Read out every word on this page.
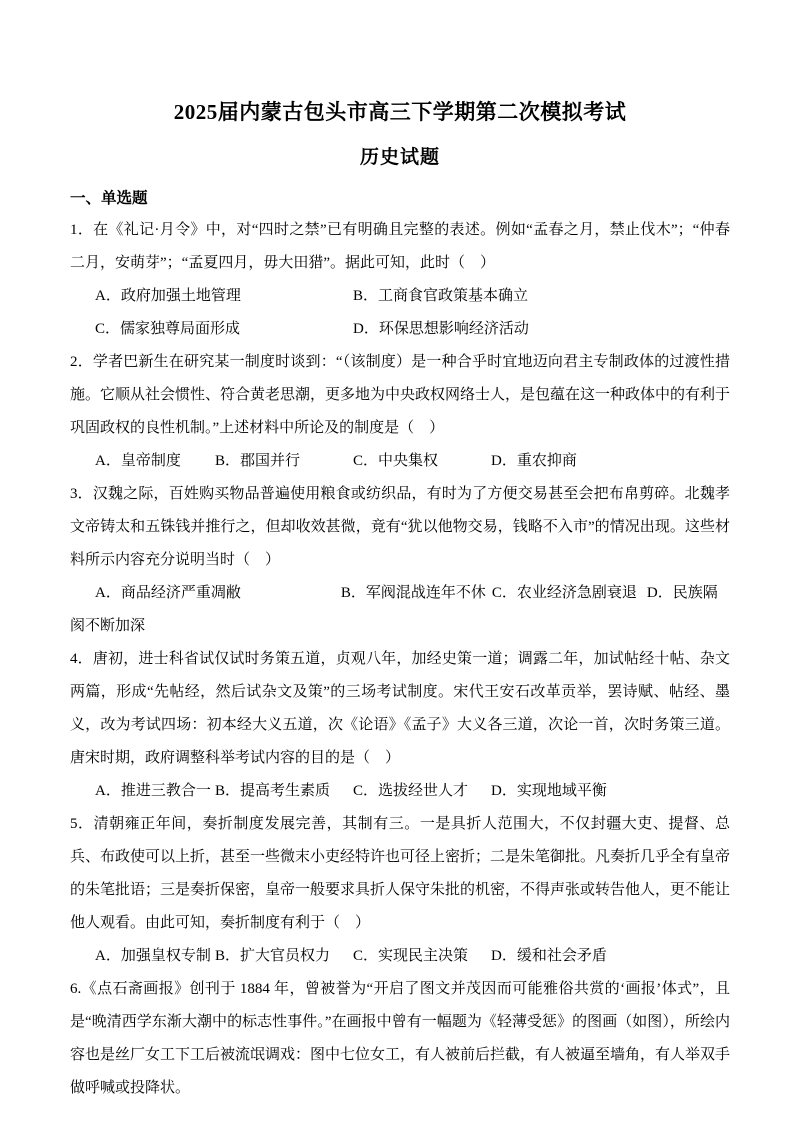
2025届内蒙古包头市高三下学期第二次模拟考试
历史试题
一、单选题

1．在《礼记·月令》中，对“四时之禁”已有明确且完整的表述。例如“孟春之月，禁止伐木”；“仲春二月，安萌芽”；“孟夏四月，毋大田猎”。据此可知，此时（　）

A．政府加强土地管理	B．工商食官政策基本确立
C．儒家独尊局面形成	D．环保思想影响经济活动

2．学者巴新生在研究某一制度时谈到：“（该制度）是一种合乎时宜地迈向君主专制政体的过渡性措施。它顺从社会惯性、符合黄老思潮，更多地为中央政权网络士人，是包蕴在这一种政体中的有利于巩固政权的良性机制。”上述材料中所论及的制度是（　）

A．皇帝制度	B．郡国并行	C．中央集权	D．重农抑商

3．汉魏之际，百姓购买物品普遍使用粮食或纺织品，有时为了方便交易甚至会把布帛剪碎。北魏孝文帝铸太和五铢钱并推行之，但却收效甚微，竟有“犹以他物交易，钱略不入市”的情况出现。这些材料所示内容充分说明当时（　）

A．商品经济严重凋敝	B．军阀混战连年不休 C．农业经济急剧衰退 D．民族隔阂不断加深

4．唐初，进士科省试仅试时务策五道，贞观八年，加经史策一道；调露二年，加试帖经十帖、杂文两篇，形成“先帖经，然后试杂文及策”的三场考试制度。宋代王安石改革贡举，罢诗赋、帖经、墨义，改为考试四场：初本经大义五道，次《论语》《孟子》大义各三道，次论一首，次时务策三道。唐宋时期，政府调整科举考试内容的目的是（　）

A．推进三教合一 B．提高考生素质	C．选拔经世人才	D．实现地域平衡

5．清朝雍正年间，奏折制度发展完善，其制有三。一是具折人范围大，不仅封疆大吏、提督、总兵、布政使可以上折，甚至一些微末小吏经特许也可径上密折；二是朱笔御批。凡奏折几乎全有皇帝的朱笔批语；三是奏折保密，皇帝一般要求具折人保守朱批的机密，不得声张或转告他人，更不能让他人观看。由此可知，奏折制度有利于（　）

A．加强皇权专制 B．扩大官员权力	C．实现民主决策	D．缓和社会矛盾

6.《点石斋画报》创刊于 1884 年，曾被誉为“开启了图文并茂因而可能雅俗共赏的‘画报’体式”，且是“晚清西学东渐大潮中的标志性事件。”在画报中曾有一幅题为《轻薄受惩》的图画（如图），所绘内容也是丝厂女工下工后被流氓调戏：图中七位女工，有人被前后拦截，有人被逼至墙角，有人举双手做呼喊或投降状。
